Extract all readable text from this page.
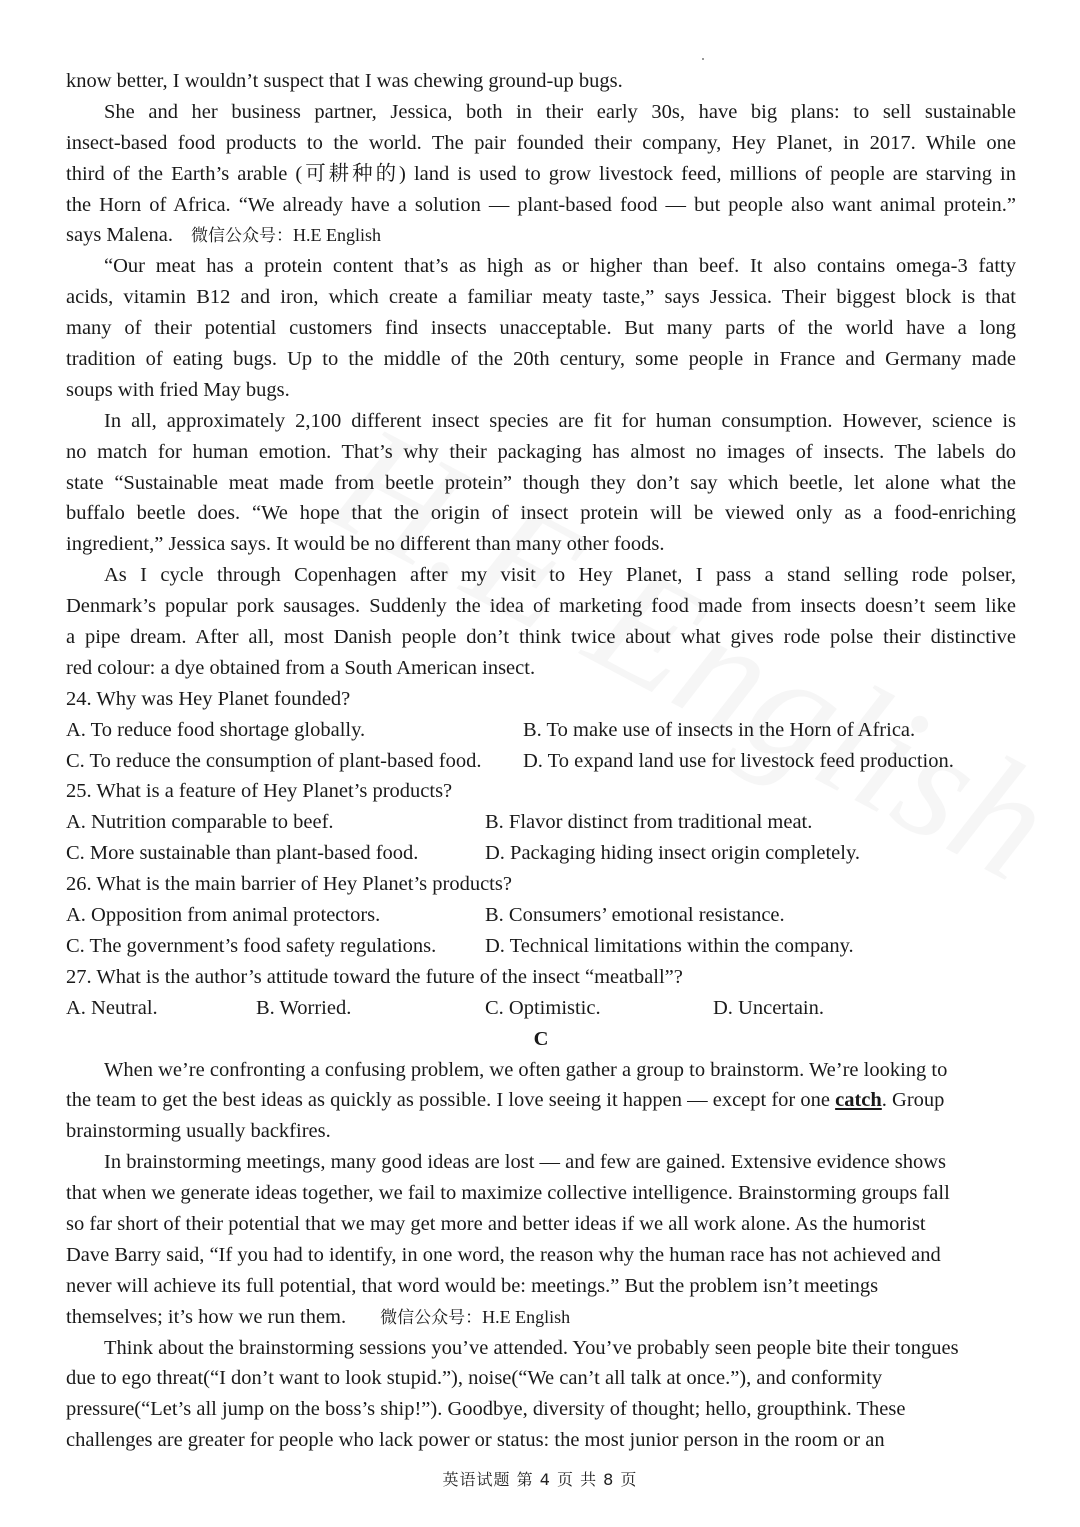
know better, I wouldn’t suspect that I was chewing ground-up bugs.
She and her business partner, Jessica, both in their early 30s, have big plans: to sell sustainable
insect-based food products to the world. The pair founded their company, Hey Planet, in 2017. While one
third of the Earth’s arable (可耕种的) land is used to grow livestock feed, millions of people are starving in
the Horn of Africa. “We already have a solution — plant-based food — but people also want animal protein.”
says Malena. 微信公众号：H.E English
“Our meat has a protein content that’s as high as or higher than beef. It also contains omega-3 fatty
acids, vitamin B12 and iron, which create a familiar meaty taste,” says Jessica. Their biggest block is that
many of their potential customers find insects unacceptable. But many parts of the world have a long
tradition of eating bugs. Up to the middle of the 20th century, some people in France and Germany made
soups with fried May bugs.
In all, approximately 2,100 different insect species are fit for human consumption. However, science is
no match for human emotion. That’s why their packaging has almost no images of insects. The labels do
state “Sustainable meat made from beetle protein” though they don’t say which beetle, let alone what the
buffalo beetle does. “We hope that the origin of insect protein will be viewed only as a food-enriching
ingredient,” Jessica says. It would be no different than many other foods.
As I cycle through Copenhagen after my visit to Hey Planet, I pass a stand selling rode polser,
Denmark’s popular pork sausages. Suddenly the idea of marketing food made from insects doesn’t seem like
a pipe dream. After all, most Danish people don’t think twice about what gives rode polse their distinctive
red colour: a dye obtained from a South American insect.
24. Why was Hey Planet founded?
A. To reduce food shortage globally.	B. To make use of insects in the Horn of Africa.
C. To reduce the consumption of plant-based food.	D. To expand land use for livestock feed production.
25. What is a feature of Hey Planet’s products?
A. Nutrition comparable to beef.	B. Flavor distinct from traditional meat.
C. More sustainable than plant-based food.	D. Packaging hiding insect origin completely.
26. What is the main barrier of Hey Planet’s products?
A. Opposition from animal protectors.	B. Consumers’ emotional resistance.
C. The government’s food safety regulations.	D. Technical limitations within the company.
27. What is the author’s attitude toward the future of the insect “meatball”?
A. Neutral.	B. Worried.	C. Optimistic.	D. Uncertain.
C
When we’re confronting a confusing problem, we often gather a group to brainstorm. We’re looking to
the team to get the best ideas as quickly as possible. I love seeing it happen — except for one catch. Group
brainstorming usually backfires.
In brainstorming meetings, many good ideas are lost — and few are gained. Extensive evidence shows
that when we generate ideas together, we fail to maximize collective intelligence. Brainstorming groups fall
so far short of their potential that we may get more and better ideas if we all work alone. As the humorist
Dave Barry said, “If you had to identify, in one word, the reason why the human race has not achieved and
never will achieve its full potential, that word would be: meetings.” But the problem isn’t meetings
themselves; it’s how we run them. 微信公众号：H.E English
Think about the brainstorming sessions you’ve attended. You’ve probably seen people bite their tongues
due to ego threat(“I don’t want to look stupid.”), noise(“We can’t all talk at once.”), and conformity
pressure(“Let’s all jump on the boss’s ship!”). Goodbye, diversity of thought; hello, groupthink. These
challenges are greater for people who lack power or status: the most junior person in the room or an
英语试题 第 4 页 共 8 页
